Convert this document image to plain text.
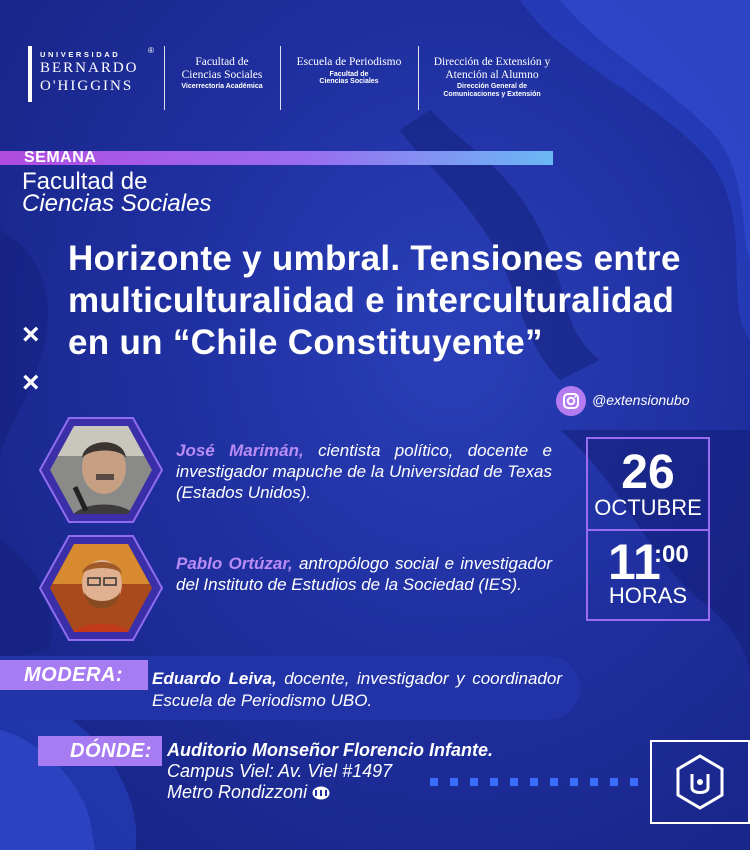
UNIVERSIDAD
BERNARDO
O'HIGGINS
®
Facultad de
Ciencias Sociales
Vicerrectoría Académica
Escuela de Periodismo
Facultad de
Ciencias Sociales
Dirección de Extensión y
Atención al Alumno
Dirección General de
Comunicaciones y Extensión
SEMANA
Facultad de
Ciencias Sociales
Horizonte y umbral. Tensiones entre multiculturalidad e interculturalidad en un “Chile Constituyente”
×
×
@extensionubo
José Marimán, cientista político, docente e investigador mapuche de la Universidad de Texas (Estados Unidos).
Pablo Ortúzar, antropólogo social e investigador del Instituto de Estudios de la Sociedad (IES).
26
OCTUBRE
11
:00
HORAS
MODERA: Eduardo Leiva, docente, investigador y coordinador Escuela de Periodismo UBO.
DÓNDE: Auditorio Monseñor Florencio Infante.
Campus Viel: Av. Viel #1497
Metro Rondizzoni
